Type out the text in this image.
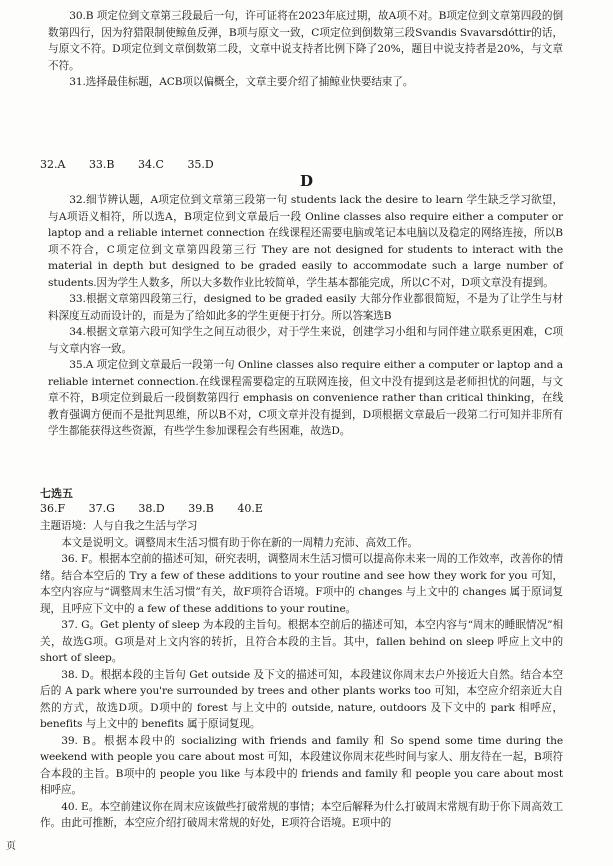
30.B 项定位到文章第三段最后一句，许可证将在2023年底过期，故A项不对。B项定位到文章第四段的倒数第四行，因为狩猎限制使鲸鱼反弹，B项与原文一致，C项定位到倒数第三段Svandis Svavarsdóttir的话，与原文不符。D项定位到文章倒数第二段，文章中说支持者比例下降了20%，题目中说支持者是20%，与文章不符。

31.选择最佳标题，ACB项以偏概全，文章主要介绍了捕鲸业快要结束了。

32.A 33.B 34.C 35.D
D

32.细节辨认题，A项定位到文章第三段第一句 students lack the desire to learn 学生缺乏学习欲望，与A项语义相符，所以选A，B项定位到文章最后一段 Online classes also require either a computer or laptop and a reliable internet connection 在线课程还需要电脑或笔记本电脑以及稳定的网络连接，所以B项不符合，C项定位到文章第四段第三行 They are not designed for students to interact with the material in depth but designed to be graded easily to accommodate such a large number of students.因为学生人数多，所以大多数作业比较简单，学生基本都能完成，所以C不对，D项文章没有提到。

33.根据文章第四段第三行，designed to be graded easily 大部分作业都很简短，不是为了让学生与材料深度互动而设计的，而是为了给如此多的学生更便于打分。所以答案选B

34.根据文章第六段可知学生之间互动很少，对于学生来说，创建学习小组和与同伴建立联系更困难，C项与文章内容一致。

35.A 项定位到文章最后一段第一句 Online classes also require either a computer or laptop and a reliable internet connection.在线课程需要稳定的互联网连接，但文中没有提到这是老师担忧的问题，与文章不符，B项定位到最后一段倒数第四行 emphasis on convenience rather than critical thinking，在线教育强调方便而不是批判思维，所以B不对，C项文章并没有提到，D项根据文章最后一段第二行可知并非所有学生都能获得这些资源，有些学生参加课程会有些困难，故选D。

七选五
36.F 37.G 38.D 39.B 40.E

主题语境：人与自我之生活与学习

本文是说明文。调整周末生活习惯有助于你在新的一周精力充沛、高效工作。

36. F。根据本空前的描述可知，研究表明，调整周末生活习惯可以提高你未来一周的工作效率，改善你的情绪。结合本空后的 Try a few of these additions to your routine and see how they work for you 可知，本空内容应与“调整周末生活习惯”有关，故F项符合语境。F项中的 changes 与上文中的 changes 属于原词复现，且呼应下文中的 a few of these additions to your routine。

37. G。Get plenty of sleep 为本段的主旨句。根据本空前后的描述可知，本空内容与“周末的睡眠情况”相关，故选G项。G项是对上文内容的转折，且符合本段的主旨。其中，fallen behind on sleep 呼应上文中的 short of sleep。

38. D。根据本段的主旨句 Get outside 及下文的描述可知，本段建议你周末去户外接近大自然。结合本空后的 A park where you're surrounded by trees and other plants works too 可知，本空应介绍亲近大自然的方式，故选D项。D项中的 forest 与上文中的 outside, nature, outdoors 及下文中的 park 相呼应，benefits 与上文中的 benefits 属于原词复现。

39. B。根据本段中的 socializing with friends and family 和 So spend some time during the weekend with people you care about most 可知，本段建议你周末花些时间与家人、朋友待在一起，B项符合本段的主旨。B项中的 people you like 与本段中的 friends and family 和 people you care about most 相呼应。

40. E。本空前建议你在周末应该做些打破常规的事情；本空后解释为什么打破周末常规有助于你下周高效工作。由此可推断，本空应介绍打破周末常规的好处，E项符合语境。E项中的

页
